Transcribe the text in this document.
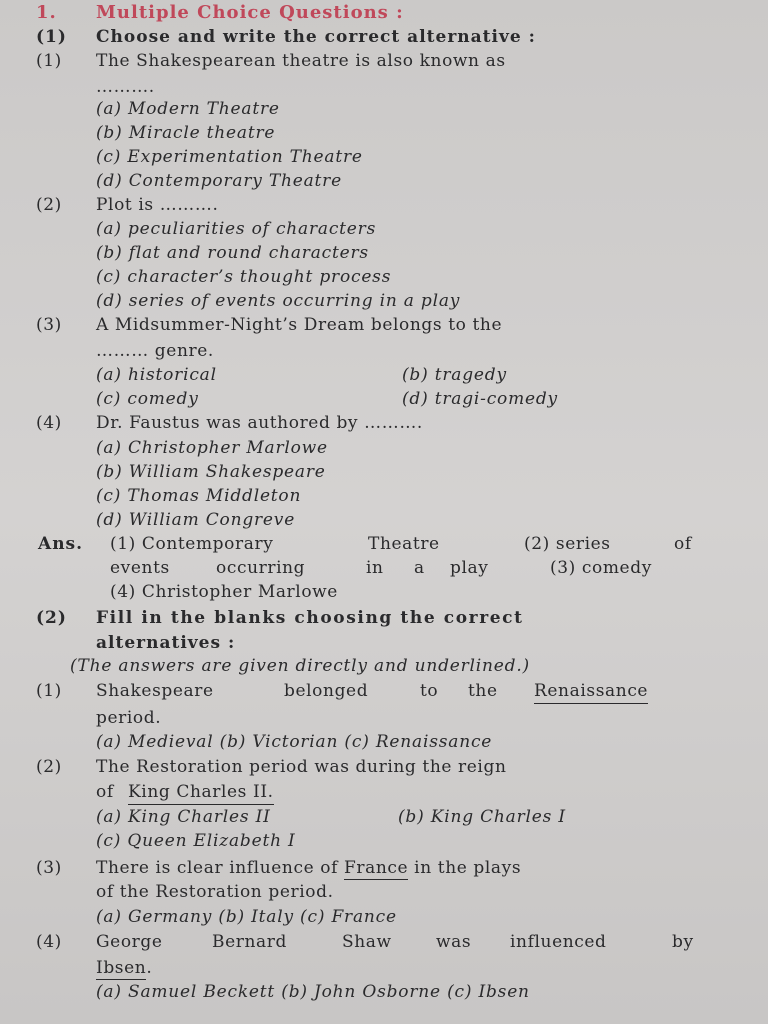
1. Multiple Choice Questions :
(1) Choose and write the correct alternative :
(1) The Shakespearean theatre is also known as
……….
(a) Modern Theatre
(b) Miracle theatre
(c) Experimentation Theatre
(d) Contemporary Theatre
(2) Plot is ……….
(a) peculiarities of characters
(b) flat and round characters
(c) character’s thought process
(d) series of events occurring in a play
(3) A Midsummer-Night’s Dream belongs to the
……… genre.
(a) historical	(b) tragedy
(c) comedy	(d) tragi-comedy
(4) Dr. Faustus was authored by ……….
(a) Christopher Marlowe
(b) William Shakespeare
(c) Thomas Middleton
(d) William Congreve
Ans. (1) Contemporary	Theatre	(2) series	of
events	occurring	in a play	(3) comedy
(4) Christopher Marlowe
(2) Fill in the blanks choosing the correct
alternatives :
(The answers are given directly and underlined.)
(1) Shakespeare	belonged	to the Renaissance
period.
(a) Medieval (b) Victorian (c) Renaissance
(2) The Restoration period was during the reign
of King Charles II.
(a) King Charles II	(b) King Charles I
(c) Queen Elizabeth I
(3) There is clear influence of France in the plays
of the Restoration period.
(a) Germany (b) Italy (c) France
(4) George	Bernard	Shaw	was influenced	by
Ibsen.
(a) Samuel Beckett (b) John Osborne (c) Ibsen
